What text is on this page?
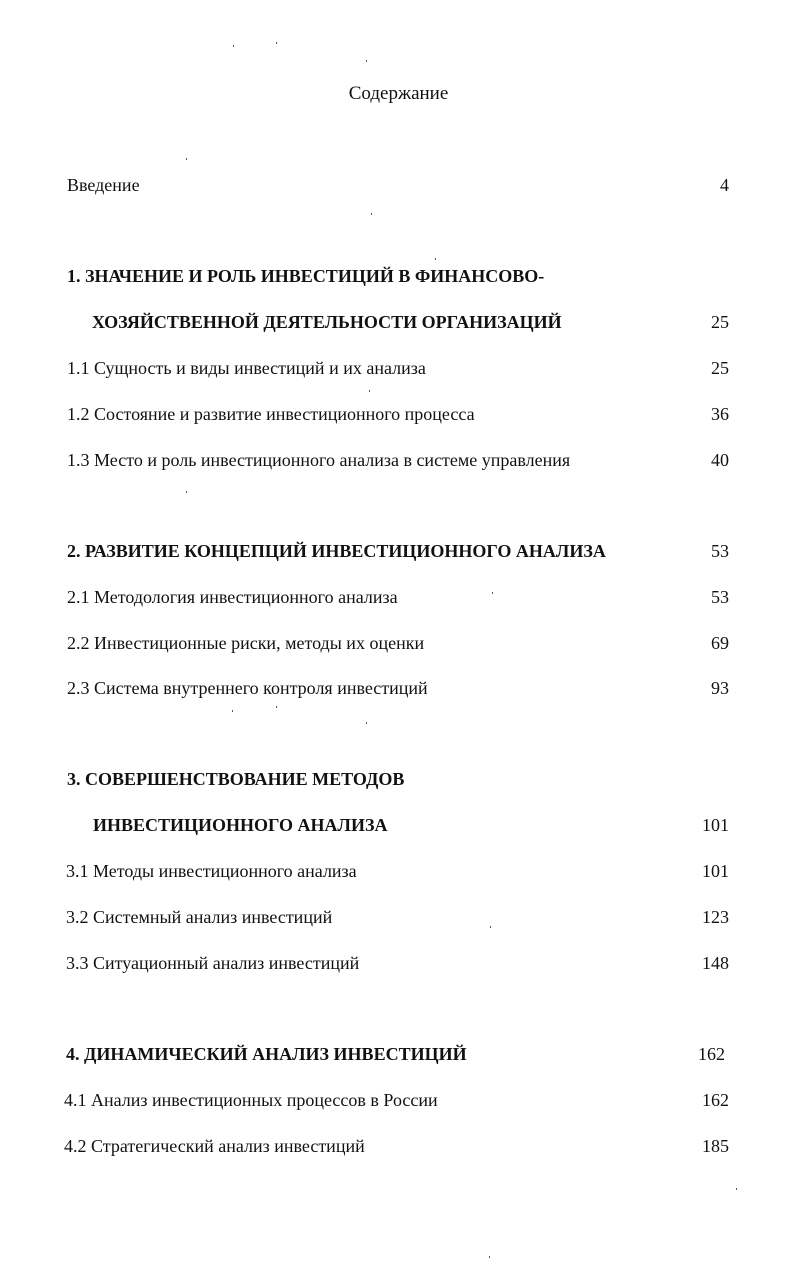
Содержание
Введение	4
1. ЗНАЧЕНИЕ И РОЛЬ ИНВЕСТИЦИЙ В ФИНАНСОВО-
ХОЗЯЙСТВЕННОЙ ДЕЯТЕЛЬНОСТИ ОРГАНИЗАЦИЙ	25
1.1 Сущность и виды инвестиций и их анализа	25
1.2 Состояние и развитие инвестиционного процесса	36
1.3 Место и роль инвестиционного анализа в системе управления	40
2. РАЗВИТИЕ КОНЦЕПЦИЙ ИНВЕСТИЦИОННОГО АНАЛИЗА	53
2.1 Методология инвестиционного анализа	53
2.2 Инвестиционные риски, методы их оценки	69
2.3 Система внутреннего контроля инвестиций	93
3. СОВЕРШЕНСТВОВАНИЕ МЕТОДОВ
ИНВЕСТИЦИОННОГО АНАЛИЗА	101
3.1 Методы инвестиционного анализа	101
3.2 Системный анализ инвестиций	123
3.3 Ситуационный анализ инвестиций	148
4. ДИНАМИЧЕСКИЙ АНАЛИЗ ИНВЕСТИЦИЙ	162
4.1 Анализ инвестиционных процессов в России	162
4.2 Стратегический анализ инвестиций	185
